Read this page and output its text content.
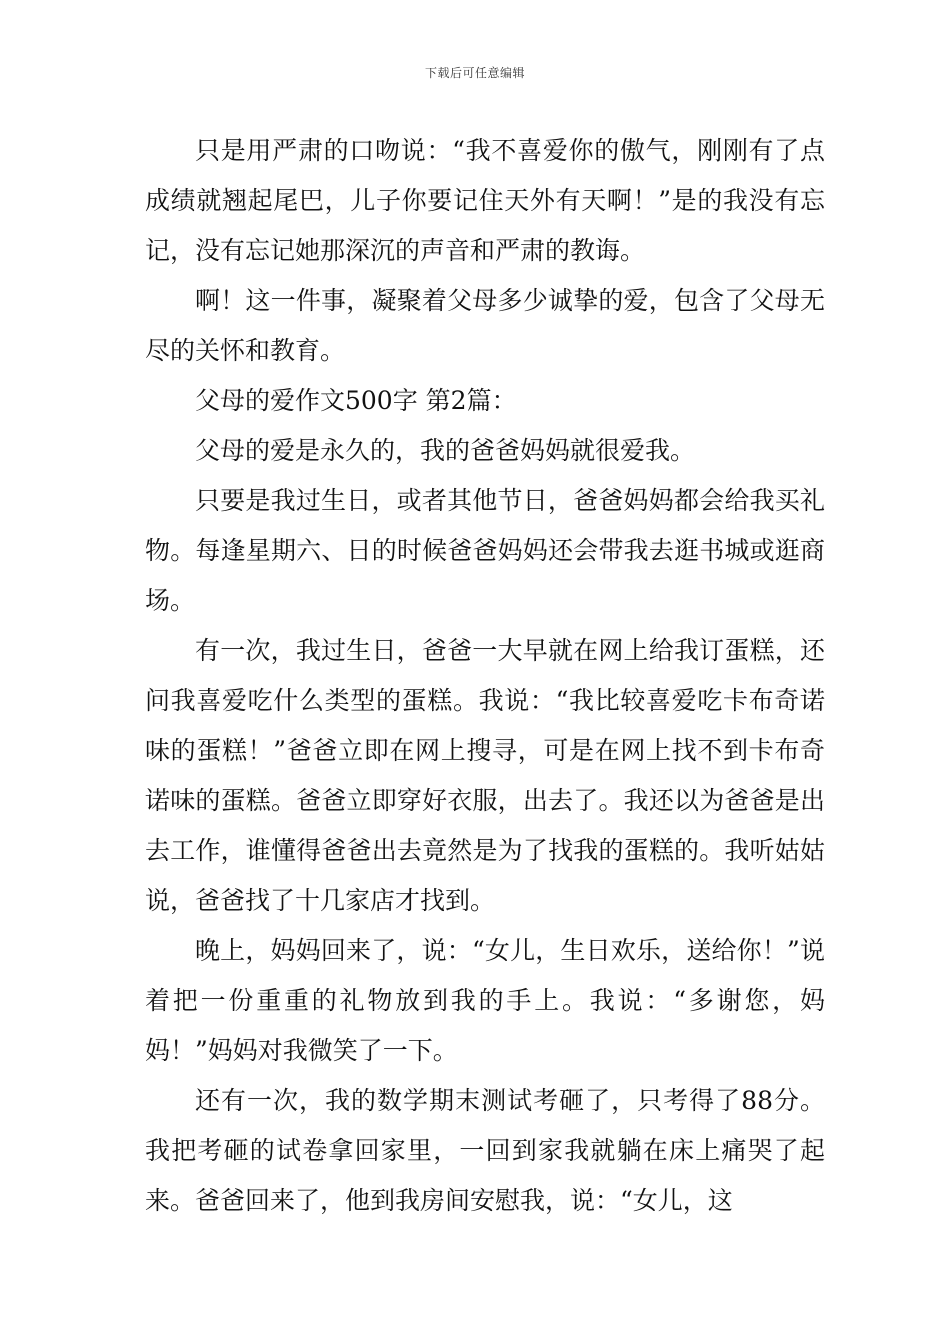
下载后可任意编辑

只是用严肃的口吻说：“我不喜爱你的傲气，刚刚有了点成绩就翘起尾巴，儿子你要记住天外有天啊！”是的我没有忘记，没有忘记她那深沉的声音和严肃的教诲。

啊！这一件事，凝聚着父母多少诚挚的爱，包含了父母无尽的关怀和教育。

父母的爱作文500字 第2篇：

父母的爱是永久的，我的爸爸妈妈就很爱我。

只要是我过生日，或者其他节日，爸爸妈妈都会给我买礼物。每逢星期六、日的时候爸爸妈妈还会带我去逛书城或逛商场。

有一次，我过生日，爸爸一大早就在网上给我订蛋糕，还问我喜爱吃什么类型的蛋糕。我说：“我比较喜爱吃卡布奇诺味的蛋糕！”爸爸立即在网上搜寻，可是在网上找不到卡布奇诺味的蛋糕。爸爸立即穿好衣服，出去了。我还以为爸爸是出去工作，谁懂得爸爸出去竟然是为了找我的蛋糕的。我听姑姑说，爸爸找了十几家店才找到。

晚上，妈妈回来了，说：“女儿，生日欢乐，送给你！”说着把一份重重的礼物放到我的手上。我说：“多谢您，妈妈！”妈妈对我微笑了一下。

还有一次，我的数学期末测试考砸了，只考得了88分。我把考砸的试卷拿回家里，一回到家我就躺在床上痛哭了起来。爸爸回来了，他到我房间安慰我，说：“女儿，这
